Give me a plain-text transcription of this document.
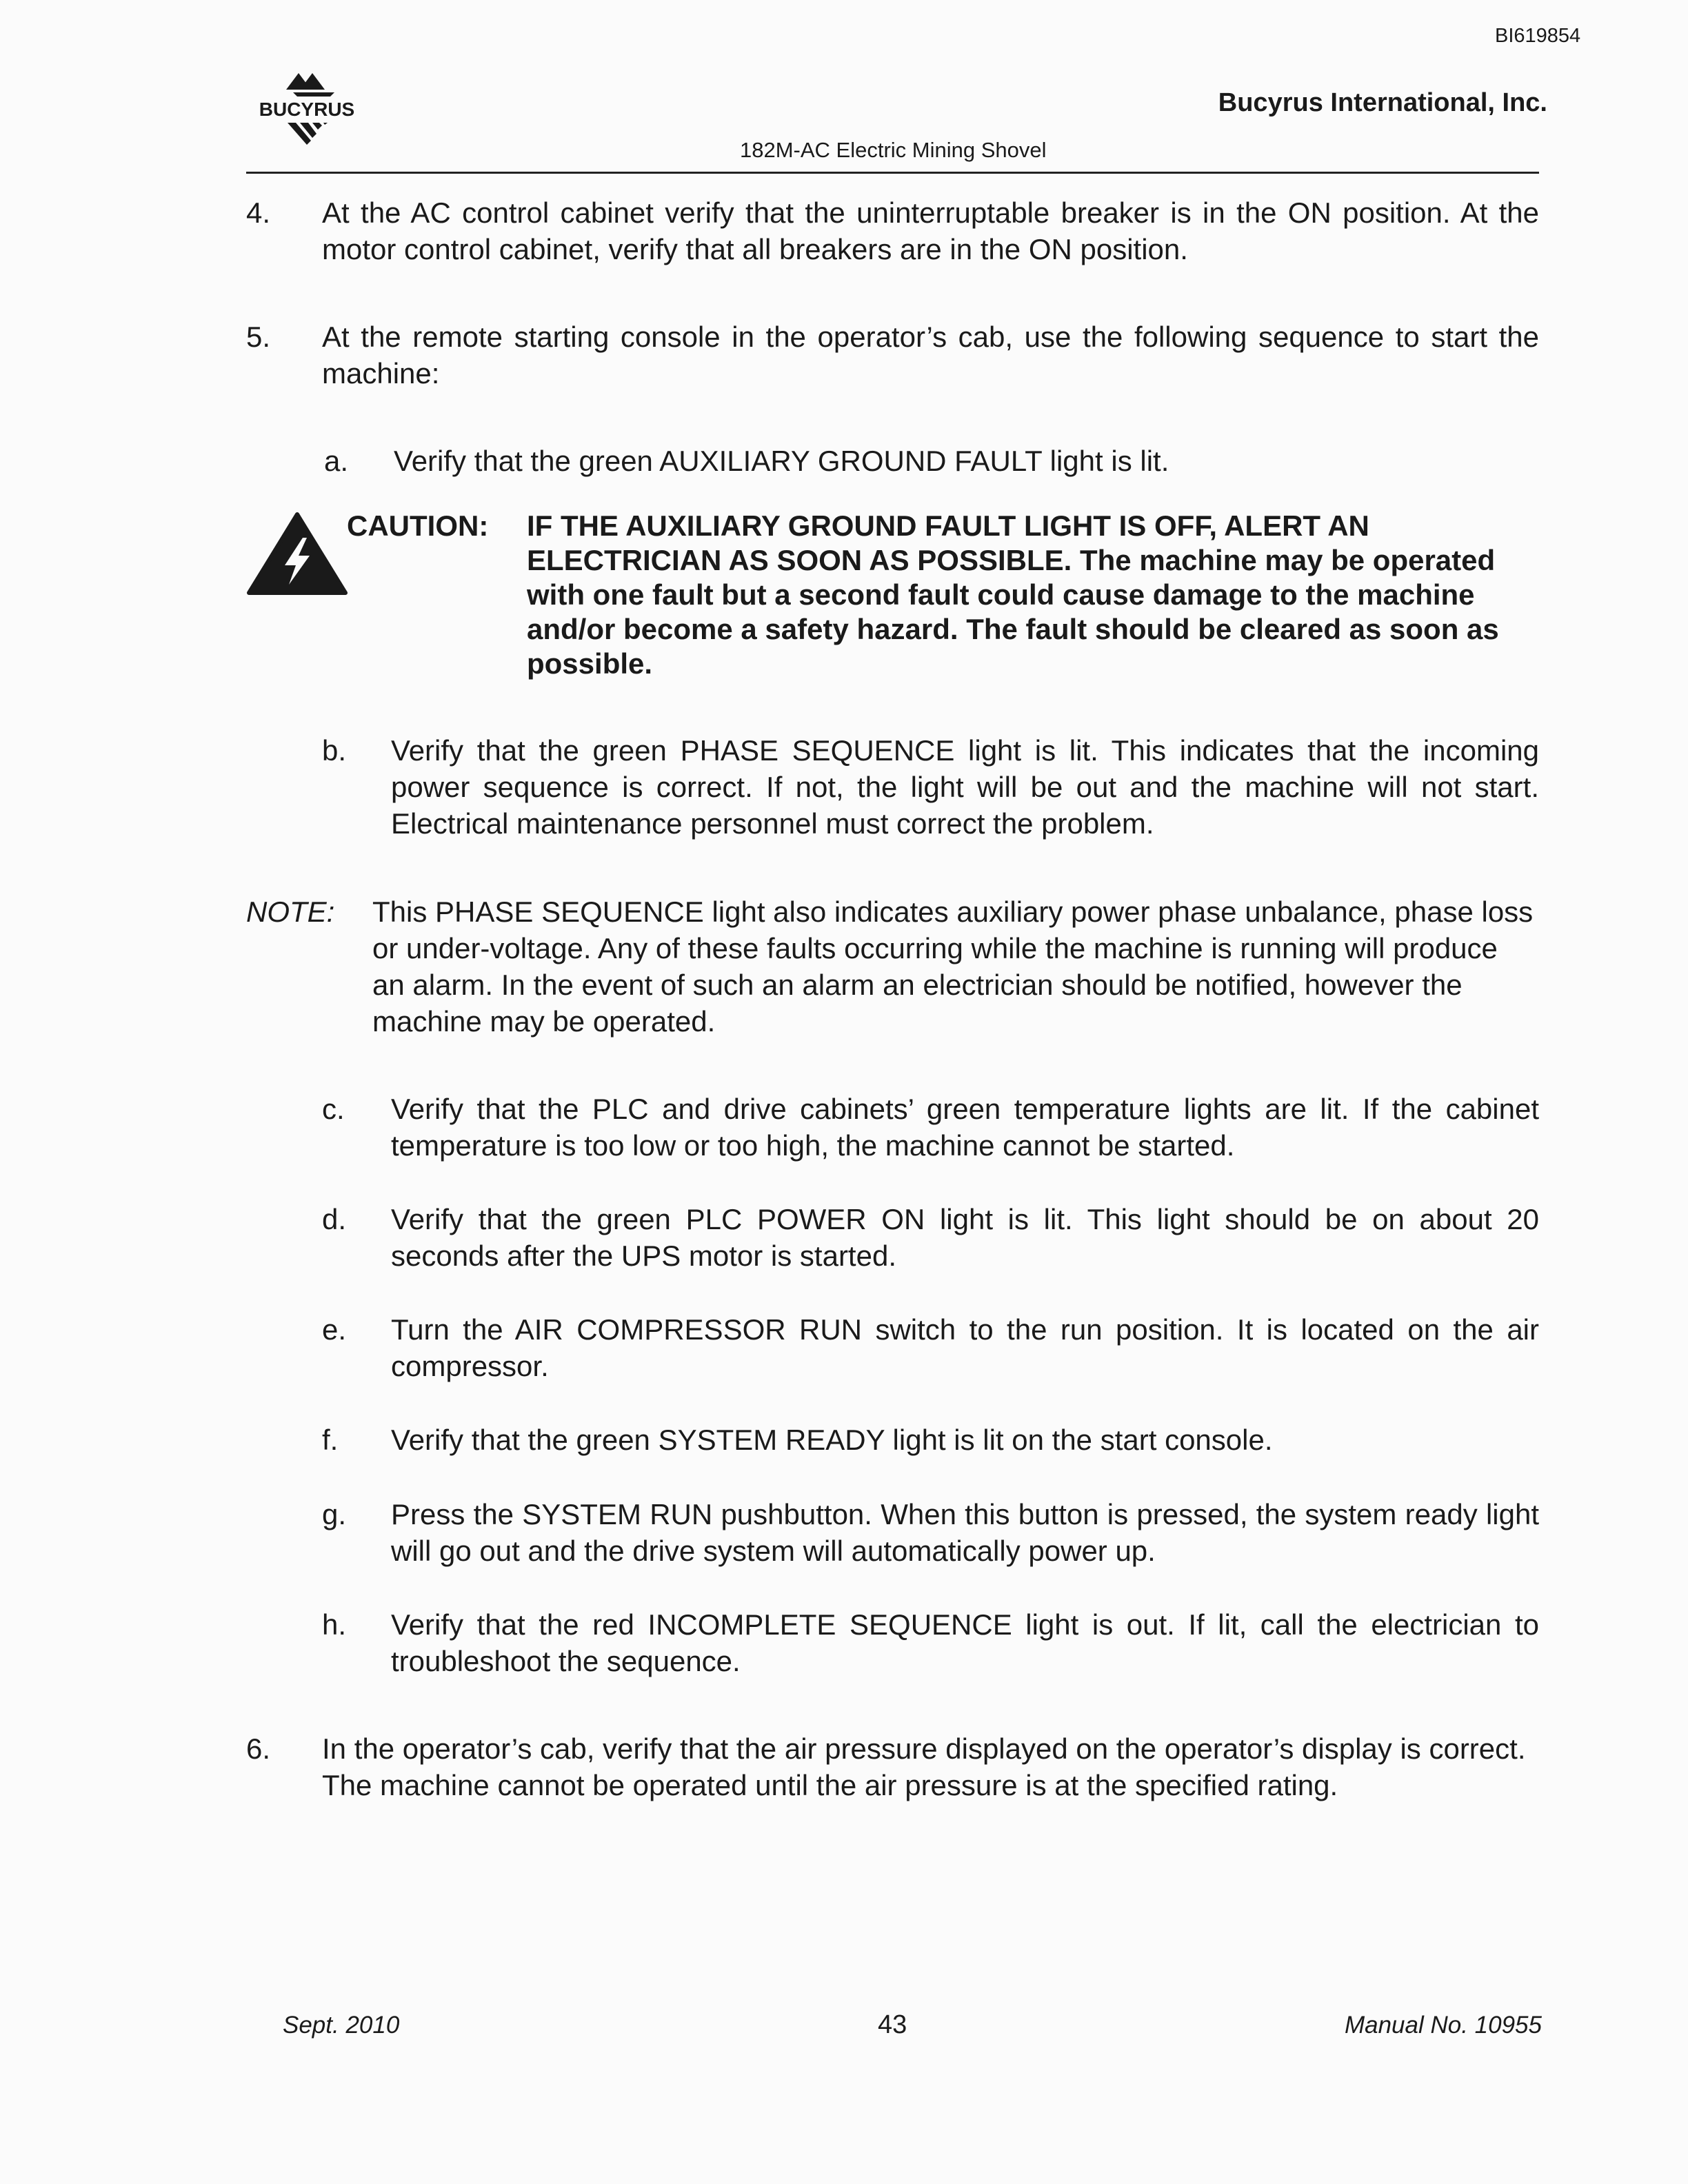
BI619854
BUCYRUS	Bucyrus International, Inc.
182M-AC Electric Mining Shovel
4. At the AC control cabinet verify that the uninterruptable breaker is in the ON position. At the motor control cabinet, verify that all breakers are in the ON position.
5. At the remote starting console in the operator’s cab, use the following sequence to start the machine:
a. Verify that the green AUXILIARY GROUND FAULT light is lit.
CAUTION: IF THE AUXILIARY GROUND FAULT LIGHT IS OFF, ALERT AN ELECTRICIAN AS SOON AS POSSIBLE. The machine may be operated with one fault but a second fault could cause damage to the machine and/or become a safety hazard. The fault should be cleared as soon as possible.
b. Verify that the green PHASE SEQUENCE light is lit. This indicates that the incoming power sequence is correct. If not, the light will be out and the machine will not start. Electrical maintenance personnel must correct the problem.
NOTE: This PHASE SEQUENCE light also indicates auxiliary power phase unbalance, phase loss or under-voltage. Any of these faults occurring while the machine is running will produce an alarm. In the event of such an alarm an electrician should be notified, however the machine may be operated.
c. Verify that the PLC and drive cabinets’ green temperature lights are lit. If the cabinet temperature is too low or too high, the machine cannot be started.
d. Verify that the green PLC POWER ON light is lit. This light should be on about 20 seconds after the UPS motor is started.
e. Turn the AIR COMPRESSOR RUN switch to the run position. It is located on the air compressor.
f. Verify that the green SYSTEM READY light is lit on the start console.
g. Press the SYSTEM RUN pushbutton. When this button is pressed, the system ready light will go out and the drive system will automatically power up.
h. Verify that the red INCOMPLETE SEQUENCE light is out. If lit, call the electrician to troubleshoot the sequence.
6. In the operator’s cab, verify that the air pressure displayed on the operator’s display is correct. The machine cannot be operated until the air pressure is at the specified rating.
Sept. 2010	43	Manual No. 10955
